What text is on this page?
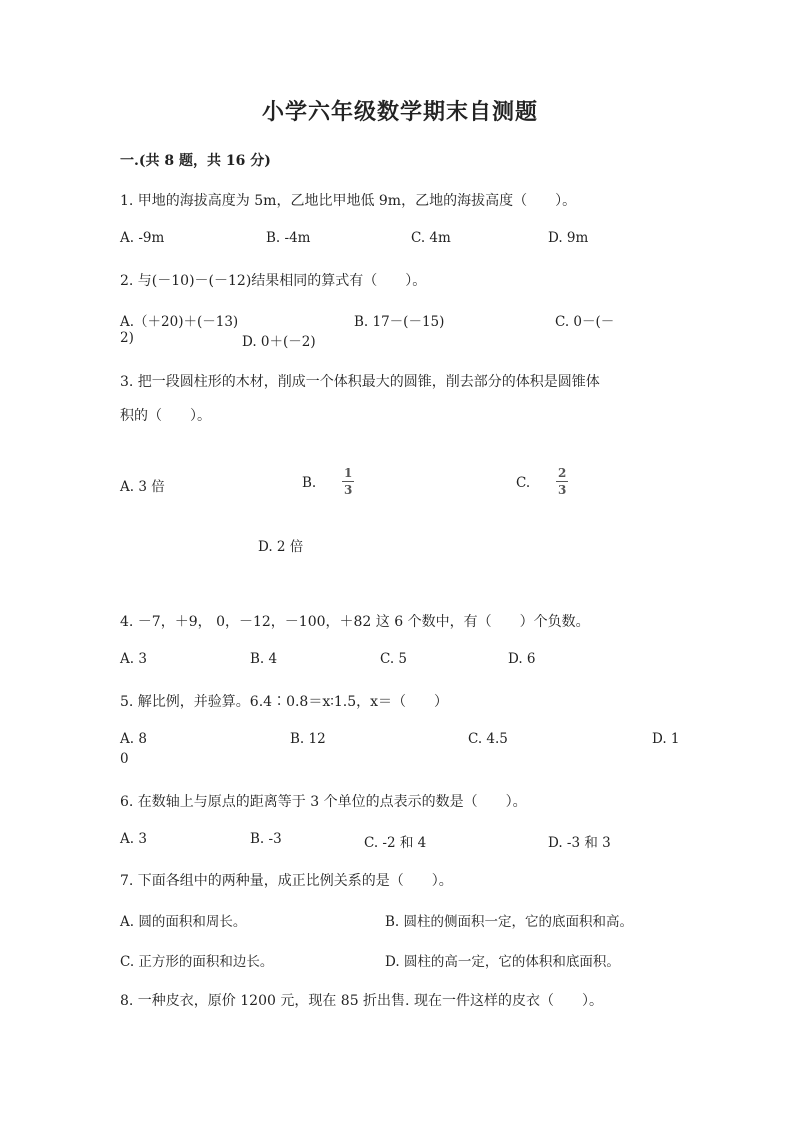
小学六年级数学期末自测题
一.(共 8 题，共 16 分)
1. 甲地的海拔高度为 5m，乙地比甲地低 9m，乙地的海拔高度（　　）。
A. -9m	B. -4m	C. 4m	D. 9m
2. 与(－10)－(－12)结果相同的算式有（　　）。
A.（＋20)＋(－13)	B. 17－(－15)	C. 0－(－
2)	D. 0＋(－2)
3. 把一段圆柱形的木材，削成一个体积最大的圆锥，削去部分的体积是圆锥体
积的（　　）。
A. 3 倍	B. $\frac{1}{3}$	C. $\frac{2}{3}$
D. 2 倍
4. －7，＋9， 0，－12，－100，＋82 这 6 个数中，有（　　）个负数。
A. 3	B. 4	C. 5	D. 6
5. 解比例，并验算。6.4∶0.8＝x∶1.5，x＝（　　）
A. 8	B. 12	C. 4.5	D. 1
0
6. 在数轴上与原点的距离等于 3 个单位的点表示的数是（　　）。
A. 3	B. -3	C. -2 和 4	D. -3 和 3
7. 下面各组中的两种量，成正比例关系的是（　　）。
A. 圆的面积和周长。	B. 圆柱的侧面积一定，它的底面积和高。
C. 正方形的面积和边长。	D. 圆柱的高一定，它的体积和底面积。
8. 一种皮衣，原价 1200 元，现在 85 折出售. 现在一件这样的皮衣（　　）。
